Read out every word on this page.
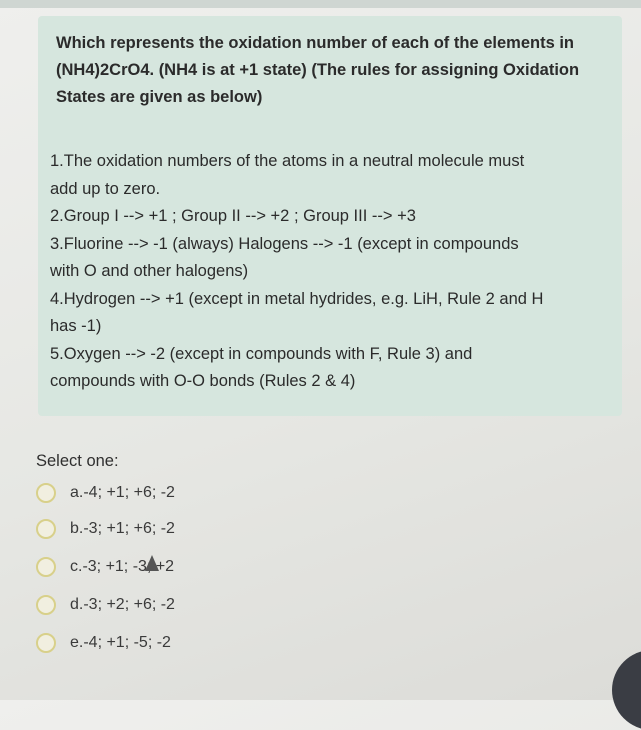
Which represents the oxidation number of each of the elements in
(NH4)2CrO4. (NH4 is at +1 state) (The rules for assigning Oxidation
States are given as below)
1.The oxidation numbers of the atoms in a neutral molecule must
add up to zero.
2.Group I --> +1 ; Group II --> +2 ; Group III --> +3
3.Fluorine --> -1 (always) Halogens --> -1 (except in compounds
with O and other halogens)
4.Hydrogen --> +1 (except in metal hydrides, e.g. LiH, Rule 2 and H
has -1)
5.Oxygen --> -2 (except in compounds with F, Rule 3) and
compounds with O-O bonds (Rules 2 & 4)
Select one:
a.-4; +1; +6; -2
b.-3; +1; +6; -2
c.-3; +1; -3; +2
d.-3; +2; +6; -2
e.-4; +1; -5; -2
